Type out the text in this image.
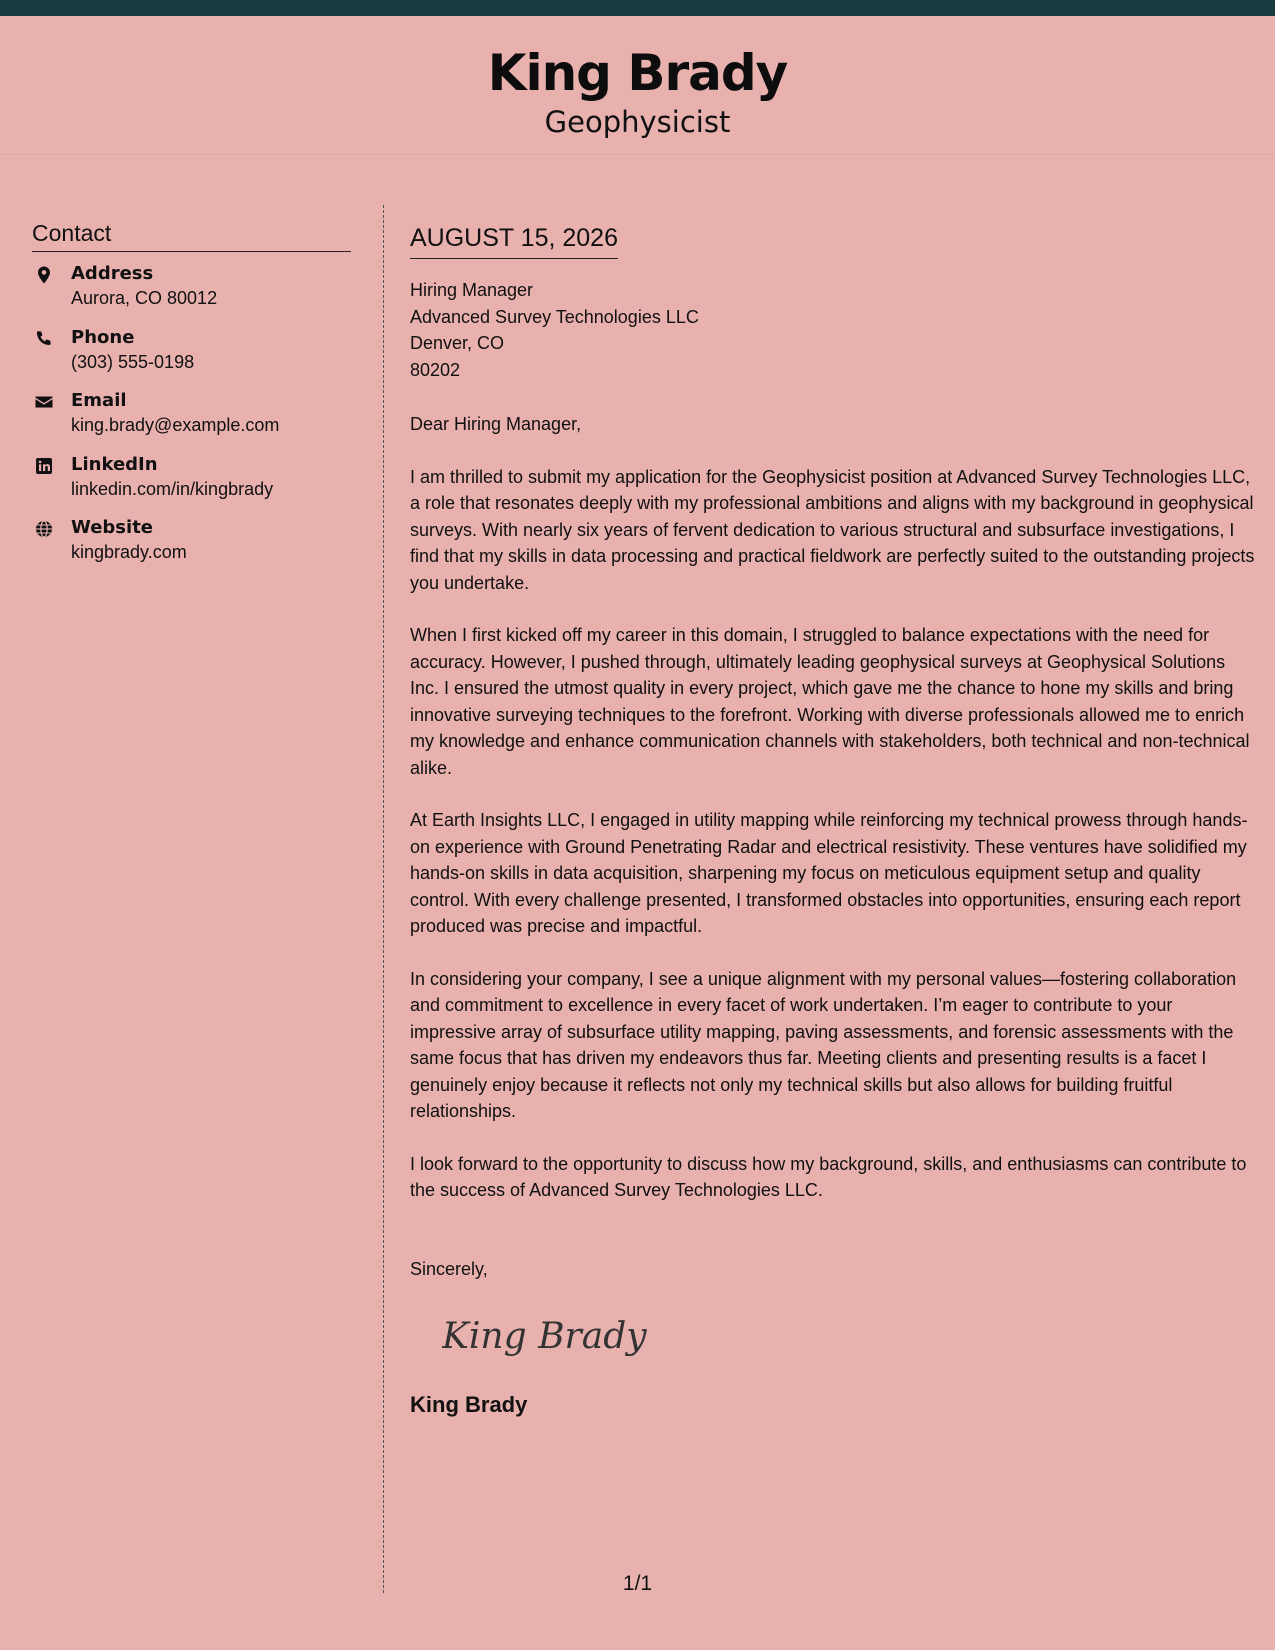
King Brady
Geophysicist
Contact
Address
Aurora, CO 80012
Phone
(303) 555-0198
Email
king.brady@example.com
LinkedIn
linkedin.com/in/kingbrady
Website
kingbrady.com
AUGUST 15, 2026
Hiring Manager
Advanced Survey Technologies LLC
Denver, CO
80202
Dear Hiring Manager,
I am thrilled to submit my application for the Geophysicist position at Advanced Survey Technologies LLC, a role that resonates deeply with my professional ambitions and aligns with my background in geophysical surveys. With nearly six years of fervent dedication to various structural and subsurface investigations, I find that my skills in data processing and practical fieldwork are perfectly suited to the outstanding projects you undertake.
When I first kicked off my career in this domain, I struggled to balance expectations with the need for accuracy. However, I pushed through, ultimately leading geophysical surveys at Geophysical Solutions Inc. I ensured the utmost quality in every project, which gave me the chance to hone my skills and bring innovative surveying techniques to the forefront. Working with diverse professionals allowed me to enrich my knowledge and enhance communication channels with stakeholders, both technical and non-technical alike.
At Earth Insights LLC, I engaged in utility mapping while reinforcing my technical prowess through hands-on experience with Ground Penetrating Radar and electrical resistivity. These ventures have solidified my hands-on skills in data acquisition, sharpening my focus on meticulous equipment setup and quality control. With every challenge presented, I transformed obstacles into opportunities, ensuring each report produced was precise and impactful.
In considering your company, I see a unique alignment with my personal values—fostering collaboration and commitment to excellence in every facet of work undertaken. I’m eager to contribute to your impressive array of subsurface utility mapping, paving assessments, and forensic assessments with the same focus that has driven my endeavors thus far. Meeting clients and presenting results is a facet I genuinely enjoy because it reflects not only my technical skills but also allows for building fruitful relationships.
I look forward to the opportunity to discuss how my background, skills, and enthusiasms can contribute to the success of Advanced Survey Technologies LLC.
Sincerely,
King Brady
King Brady
1/1
